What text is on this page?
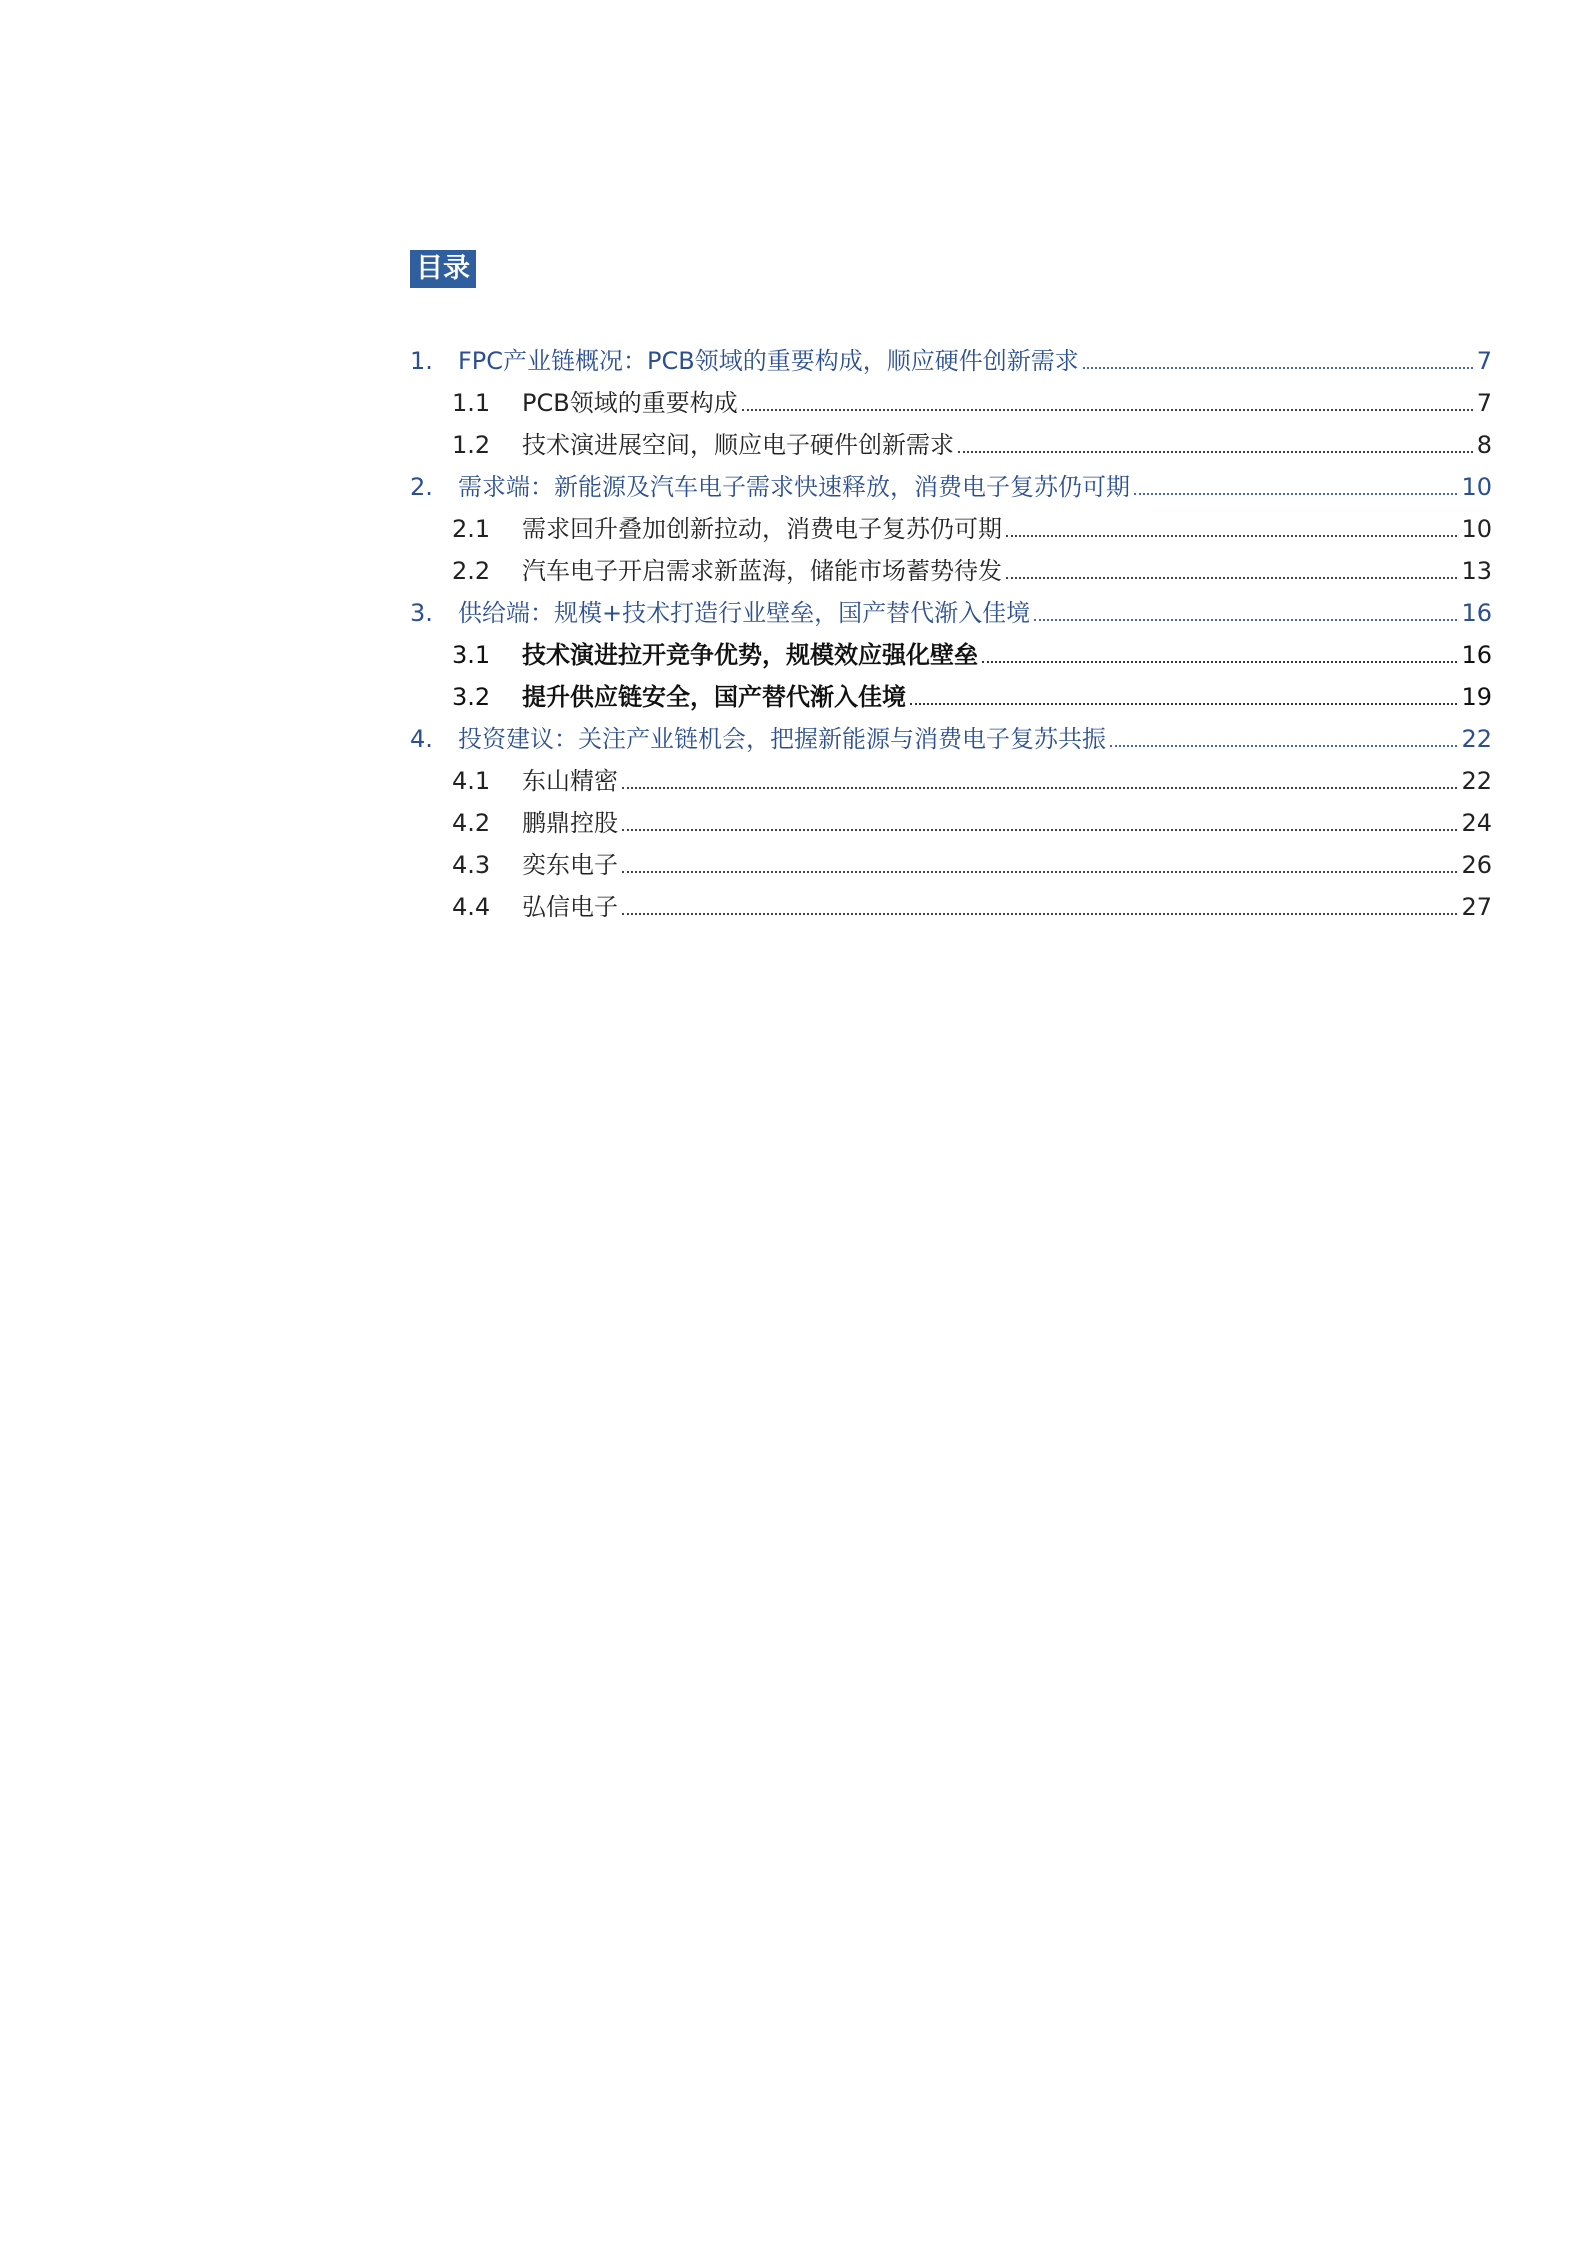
目录
1.	FPC产业链概况：PCB领域的重要构成，顺应硬件创新需求	7
1.1	PCB领域的重要构成	7
1.2	技术演进展空间，顺应电子硬件创新需求	8
2.	需求端：新能源及汽车电子需求快速释放，消费电子复苏仍可期	10
2.1	需求回升叠加创新拉动，消费电子复苏仍可期	10
2.2	汽车电子开启需求新蓝海，储能市场蓄势待发	13
3.	供给端：规模+技术打造行业壁垒，国产替代渐入佳境	16
3.1	技术演进拉开竞争优势，规模效应强化壁垒	16
3.2	提升供应链安全，国产替代渐入佳境	19
4.	投资建议：关注产业链机会，把握新能源与消费电子复苏共振	22
4.1	东山精密	22
4.2	鹏鼎控股	24
4.3	奕东电子	26
4.4	弘信电子	27
